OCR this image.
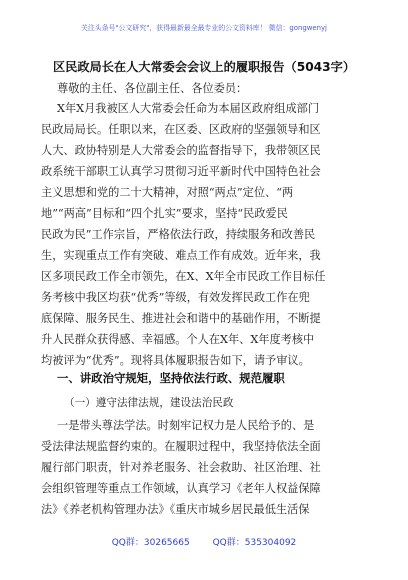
关注头条号"公文研究"，获得最新最全最专业的公文资料库！ 微信：gongwenyj
区民政局长在人大常委会会议上的履职报告（5043字）
尊敬的主任、各位副主任、各位委员：
X年X月我被区人大常委会任命为本届区政府组成部门
民政局局长。任职以来，在区委、区政府的坚强领导和区
人大、政协特别是人大常委会的监督指导下，我带领区民
政系统干部职工认真学习贯彻习近平新时代中国特色社会
主义思想和党的二十大精神，对照“两点”定位、“两
地”“两高”目标和“四个扎实”要求，坚持“民政爱民
民政为民”工作宗旨，严格依法行政，持续服务和改善民
生，实现重点工作有突破、难点工作有成效。近年来，我
区多项民政工作全市领先，在X、X年全市民政工作目标任
务考核中我区均获“优秀”等级，有效发挥民政工作在兜
底保障、服务民生、推进社会和谐中的基础作用，不断提
升人民群众获得感、幸福感。个人在X年、X年度考核中
均被评为“优秀”。现将具体履职报告如下，请予审议。
一、讲政治守规矩，坚持依法行政、规范履职
（一）遵守法律法规，建设法治民政
一是带头尊法学法。时刻牢记权力是人民给予的、是
受法律法规监督约束的。在履职过程中，我坚持依法全面
履行部门职责，针对养老服务、社会救助、社区治理、社
会组织管理等重点工作领域，认真学习《老年人权益保障
法》《养老机构管理办法》《重庆市城乡居民最低生活保
QQ群：30265665	QQ群：535304092
